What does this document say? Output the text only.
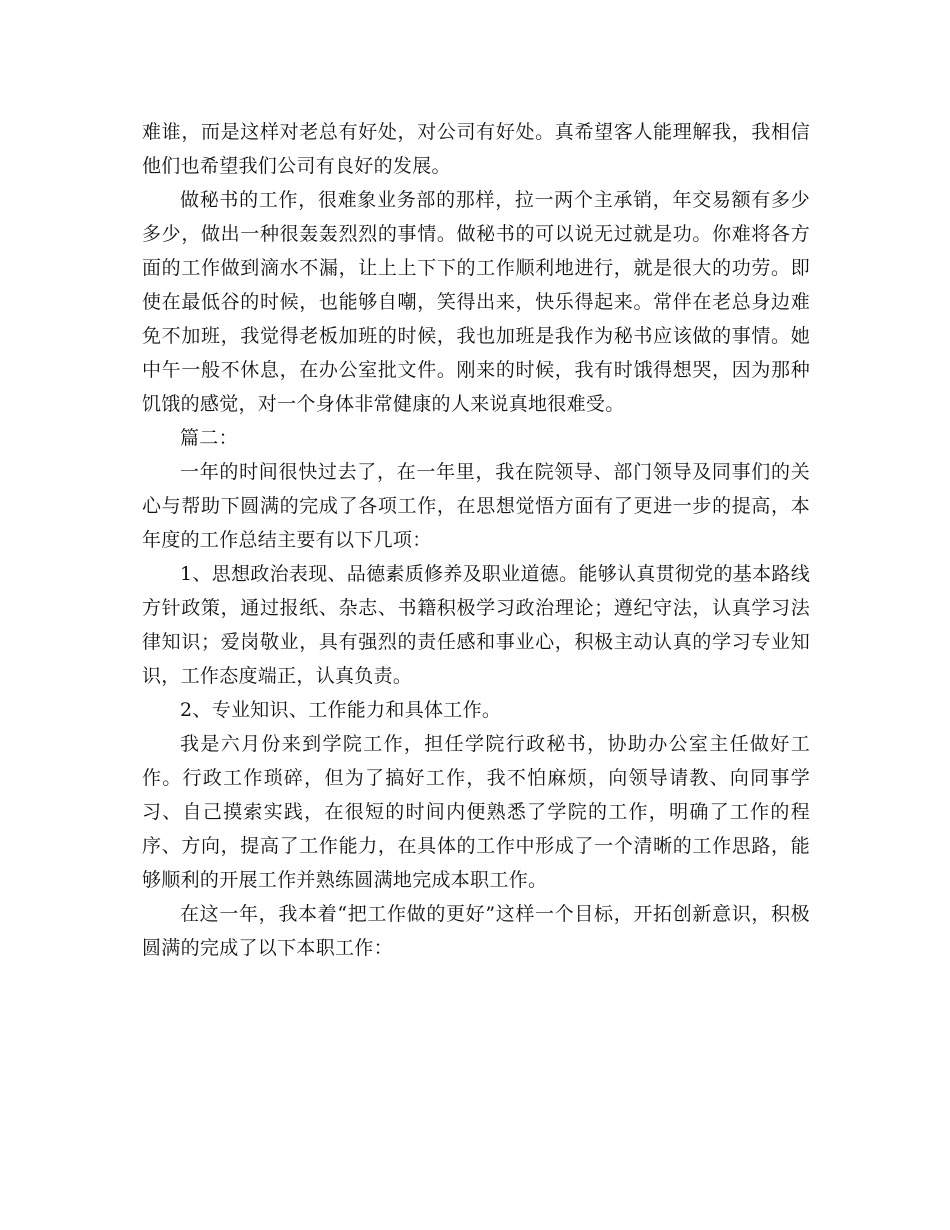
难谁，而是这样对老总有好处，对公司有好处。真希望客人能理解我，我相信他们也希望我们公司有良好的发展。

做秘书的工作，很难象业务部的那样，拉一两个主承销，年交易额有多少多少，做出一种很轰轰烈烈的事情。做秘书的可以说无过就是功。你难将各方面的工作做到滴水不漏，让上上下下的工作顺利地进行，就是很大的功劳。即使在最低谷的时候，也能够自嘲，笑得出来，快乐得起来。常伴在老总身边难免不加班，我觉得老板加班的时候，我也加班是我作为秘书应该做的事情。她中午一般不休息，在办公室批文件。刚来的时候，我有时饿得想哭，因为那种饥饿的感觉，对一个身体非常健康的人来说真地很难受。

篇二：

一年的时间很快过去了，在一年里，我在院领导、部门领导及同事们的关心与帮助下圆满的完成了各项工作，在思想觉悟方面有了更进一步的提高，本年度的工作总结主要有以下几项：

1、思想政治表现、品德素质修养及职业道德。能够认真贯彻党的基本路线方针政策，通过报纸、杂志、书籍积极学习政治理论；遵纪守法，认真学习法律知识；爱岗敬业，具有强烈的责任感和事业心，积极主动认真的学习专业知识，工作态度端正，认真负责。

2、专业知识、工作能力和具体工作。

我是六月份来到学院工作，担任学院行政秘书，协助办公室主任做好工作。行政工作琐碎，但为了搞好工作，我不怕麻烦，向领导请教、向同事学习、自己摸索实践，在很短的时间内便熟悉了学院的工作，明确了工作的程序、方向，提高了工作能力，在具体的工作中形成了一个清晰的工作思路，能够顺利的开展工作并熟练圆满地完成本职工作。

在这一年，我本着“把工作做的更好”这样一个目标，开拓创新意识，积极圆满的完成了以下本职工作：
